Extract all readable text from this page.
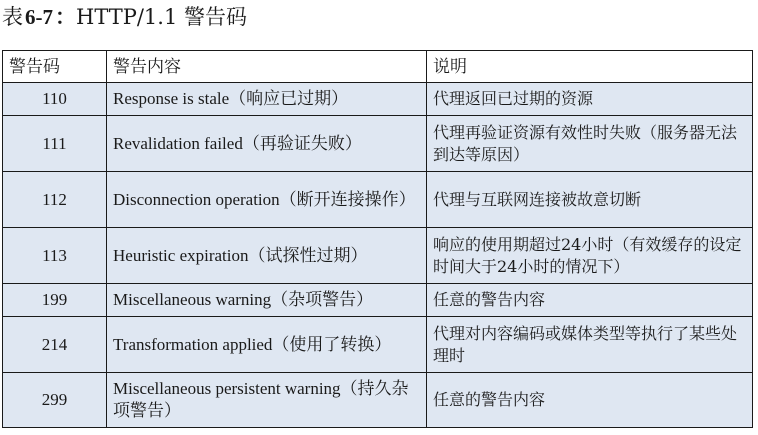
表6-7：HTTP/1.1 警告码
警告码	警告内容	说明
110	Response is stale（响应已过期）	代理返回已过期的资源
111	Revalidation failed（再验证失败）	代理再验证资源有效性时失败（服务器无法到达等原因）
112	Disconnection operation（断开连接操作）	代理与互联网连接被故意切断
113	Heuristic expiration（试探性过期）	响应的使用期超过24小时（有效缓存的设定时间大于24小时的情况下）
199	Miscellaneous warning（杂项警告）	任意的警告内容
214	Transformation applied（使用了转换）	代理对内容编码或媒体类型等执行了某些处理时
299	Miscellaneous persistent warning（持久杂项警告）	任意的警告内容
